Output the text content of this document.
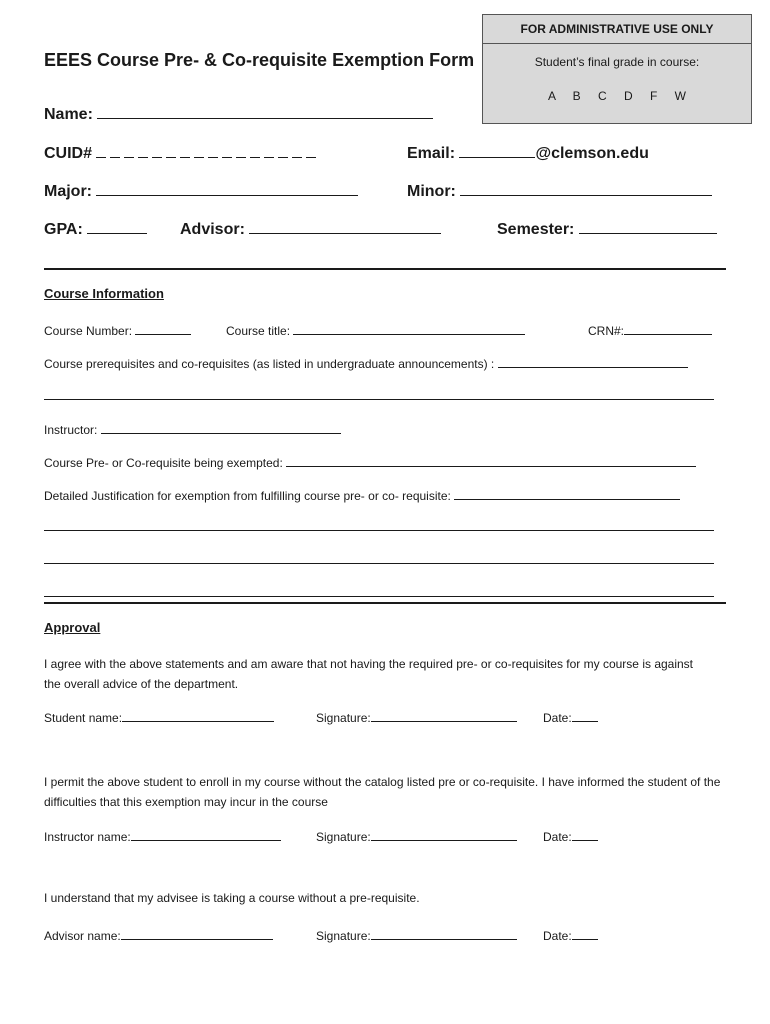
FOR ADMINISTRATIVE USE ONLY
Student’s final grade in course:
A B C D F W
EEES Course Pre- & Co-requisite Exemption Form
Name:
CUID#	Email:	@clemson.edu
Major:	Minor:
GPA:	Advisor:	Semester:
Course Information
Course Number:	Course title:	CRN#:
Course prerequisites and co-requisites (as listed in undergraduate announcements) :
Instructor:
Course Pre- or Co-requisite being exempted:
Detailed Justification for exemption from fulfilling course pre- or co- requisite:
Approval
I agree with the above statements and am aware that not having the required pre- or co-requisites for my course is against the overall advice of the department.
Student name:	Signature:	Date:
I permit the above student to enroll in my course without the catalog listed pre or co-requisite. I have informed the student of the difficulties that this exemption may incur in the course
Instructor name:	Signature:	Date:
I understand that my advisee is taking a course without a pre-requisite.
Advisor name:	Signature:	Date:
